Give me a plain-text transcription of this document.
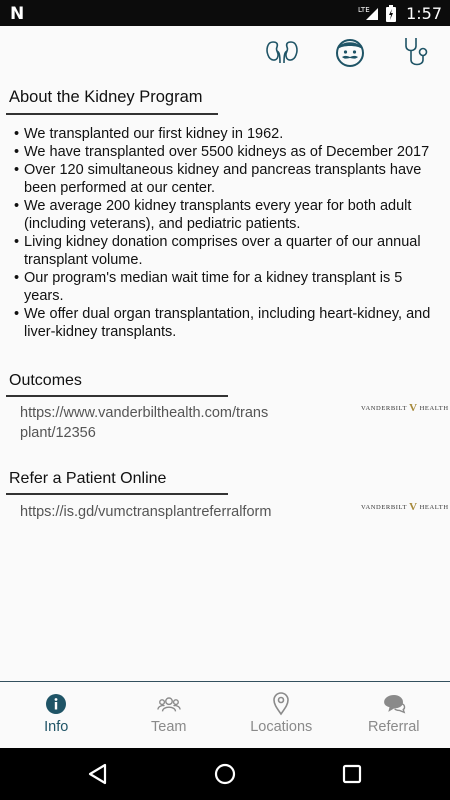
N	LTE 1:57
About the Kidney Program
• We transplanted our first kidney in 1962.
• We have transplanted over 5500 kidneys as of December 2017
• Over 120 simultaneous kidney and pancreas transplants have been performed at our center.
• We average 200 kidney transplants every year for both adult (including veterans), and pediatric patients.
• Living kidney donation comprises over a quarter of our annual transplant volume.
• Our program's median wait time for a kidney transplant is 5 years.
• We offer dual organ transplantation, including heart-kidney, and liver-kidney transplants.
Outcomes
https://www.vanderbilthealth.com/transplant/12356
VANDERBILT V HEALTH
Refer a Patient Online
https://is.gd/vumctransplantreferralform	VANDERBILT V HEALTH
Info	Team	Locations	Referral
